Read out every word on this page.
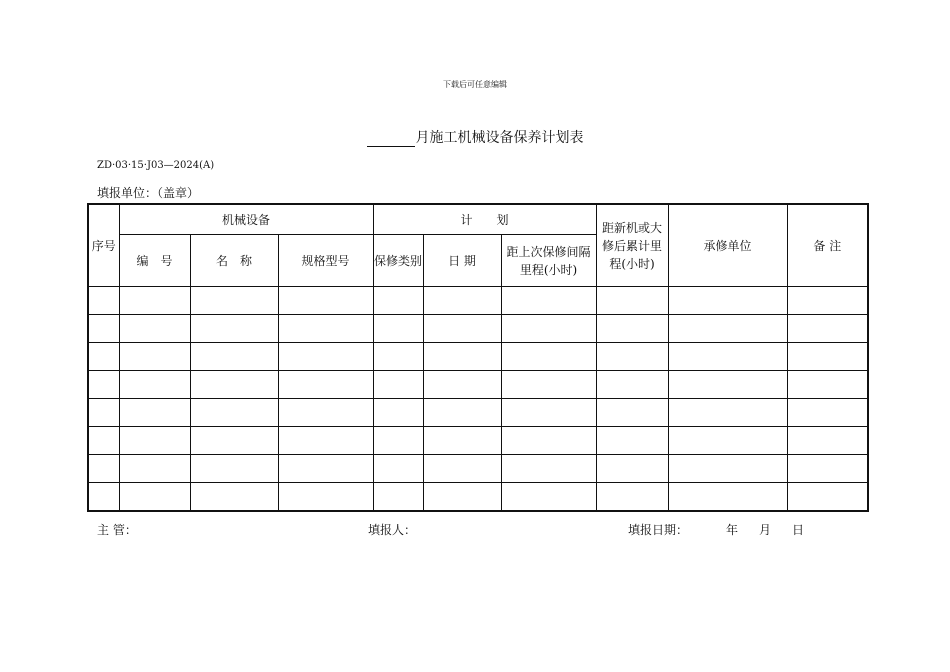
下载后可任意编辑
月施工机械设备保养计划表
ZD·03·15·J03—2024(A)
填报单位：（盖章）
序号	机械设备			计　　划			距新机或大修后累计里程(小时)	承修单位	备 注
	编　号	名　称	规格型号	保修类别	日 期	距上次保修间隔里程(小时)			

主 管：	填报人：	填报日期：	年 月 日
